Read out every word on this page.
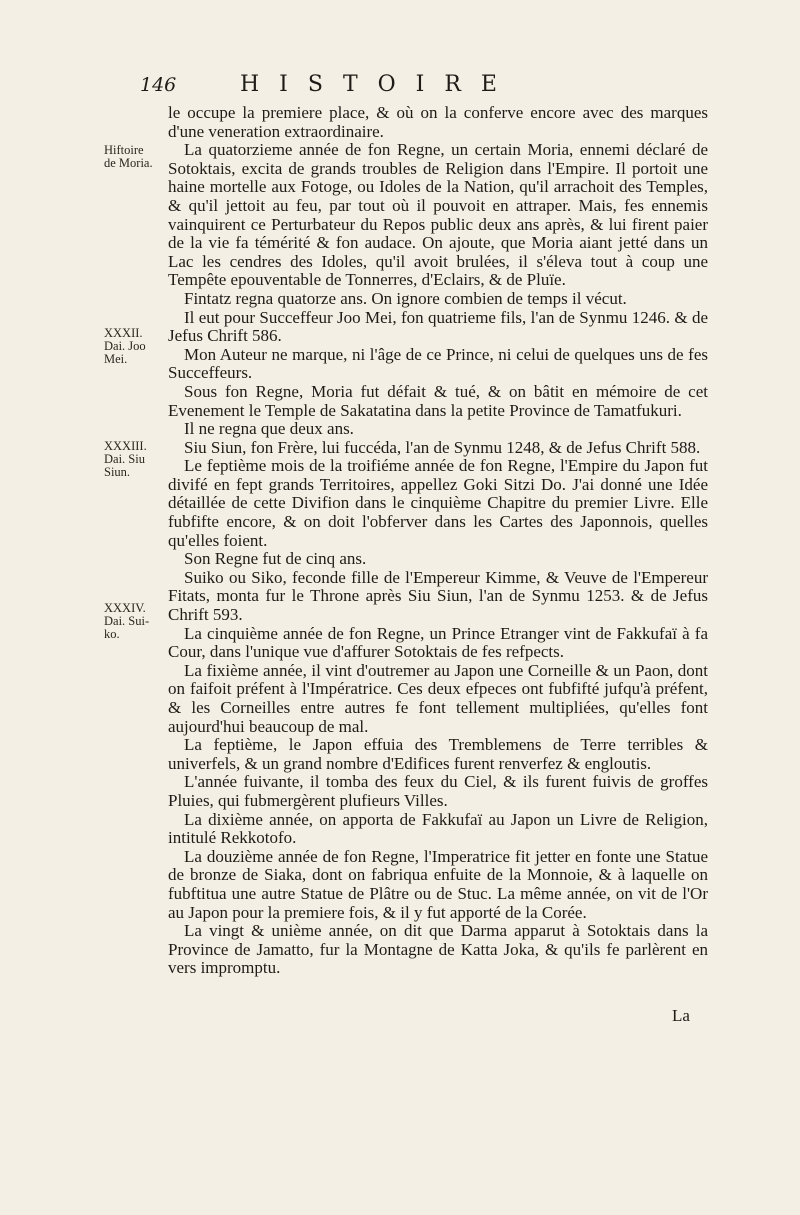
146	HISTOIRE
Hiftoire
de Moria.
XXXII.
Dai. Joo
Mei.
XXXIII.
Dai. Siu
Siun.
XXXIV.
Dai. Sui-
ko.

le occupe la premiere place, & où on la conferve encore avec des marques d'une veneration extraordinaire.

La quatorzieme année de fon Regne, un certain Moria, ennemi déclaré de Sotoktais, excita de grands troubles de Religion dans l'Empire. Il portoit une haine mortelle aux Fotoge, ou Idoles de la Nation, qu'il arrachoit des Temples, & qu'il jettoit au feu, par tout où il pouvoit en attraper. Mais, fes ennemis vainquirent ce Perturbateur du Repos public deux ans après, & lui firent paier de la vie fa témérité & fon audace. On ajoute, que Moria aiant jetté dans un Lac les cendres des Idoles, qu'il avoit brulées, il s'éleva tout à coup une Tempête epouventable de Tonnerres, d'Eclairs, & de Pluïe.

Fintatz regna quatorze ans. On ignore combien de temps il vécut.

Il eut pour Succeffeur Joo Mei, fon quatrieme fils, l'an de Synmu 1246. & de Jefus Chrift 586.

Mon Auteur ne marque, ni l'âge de ce Prince, ni celui de quelques uns de fes Succeffeurs.

Sous fon Regne, Moria fut défait & tué, & on bâtit en mémoire de cet Evenement le Temple de Sakatatina dans la petite Province de Tamatfukuri.

Il ne regna que deux ans.

Siu Siun, fon Frère, lui fuccéda, l'an de Synmu 1248, & de Jefus Chrift 588.

Le feptième mois de la troifiéme année de fon Regne, l'Empire du Japon fut divifé en fept grands Territoires, appellez Goki Sitzi Do. J'ai donné une Idée détaillée de cette Divifion dans le cinquième Chapitre du premier Livre. Elle fubfifte encore, & on doit l'obferver dans les Cartes des Japonnois, quelles qu'elles foient.

Son Regne fut de cinq ans.

Suiko ou Siko, feconde fille de l'Empereur Kimme, & Veuve de l'Empereur Fitats, monta fur le Throne après Siu Siun, l'an de Synmu 1253. & de Jefus Chrift 593.

La cinquième année de fon Regne, un Prince Etranger vint de Fakkufaï à fa Cour, dans l'unique vue d'affurer Sotoktais de fes refpects.

La fixième année, il vint d'outremer au Japon une Corneille & un Paon, dont on faifoit préfent à l'Impératrice. Ces deux efpeces ont fubfifté jufqu'à préfent, & les Corneilles entre autres fe font tellement multipliées, qu'elles font aujourd'hui beaucoup de mal.

La feptième, le Japon effuia des Tremblemens de Terre terribles & univerfels, & un grand nombre d'Edifices furent renverfez & engloutis.

L'année fuivante, il tomba des feux du Ciel, & ils furent fuivis de groffes Pluies, qui fubmergèrent plufieurs Villes.

La dixième année, on apporta de Fakkufaï au Japon un Livre de Religion, intitulé Rekkotofo.

La douzième année de fon Regne, l'Imperatrice fit jetter en fonte une Statue de bronze de Siaka, dont on fabriqua enfuite de la Monnoie, & à laquelle on fubftitua une autre Statue de Plâtre ou de Stuc. La même année, on vit de l'Or au Japon pour la premiere fois, & il y fut apporté de la Corée.

La vingt & unième année, on dit que Darma apparut à Sotoktais dans la Province de Jamatto, fur la Montagne de Katta Joka, & qu'ils fe parlèrent en vers impromptu.

La
